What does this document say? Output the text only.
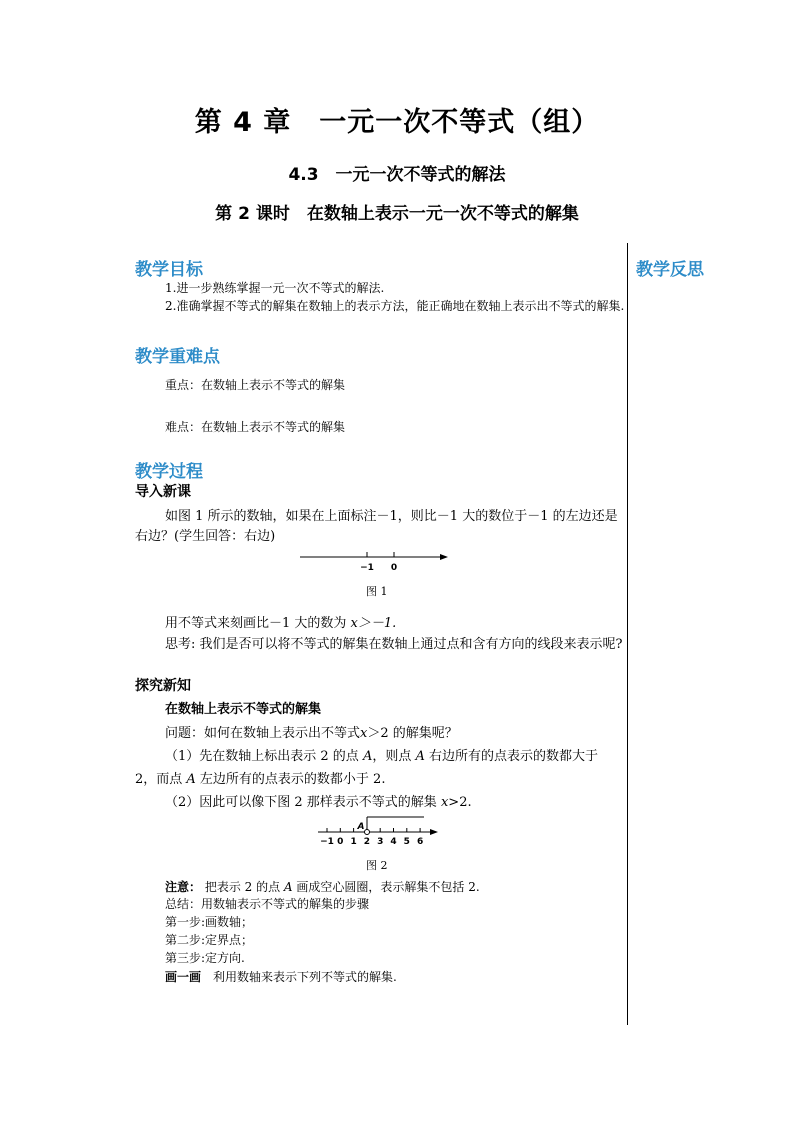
第 4 章　一元一次不等式（组）
4.3　一元一次不等式的解法
第 2 课时　在数轴上表示一元一次不等式的解集
教学反思
教学目标
1.进一步熟练掌握一元一次不等式的解法.
2.准确掌握不等式的解集在数轴上的表示方法，能正确地在数轴上表示出不等式的解集.
教学重难点
重点：在数轴上表示不等式的解集
难点：在数轴上表示不等式的解集
教学过程
导入新课
如图 1 所示的数轴，如果在上面标注－1，则比－1 大的数位于－1 的左边还是右边？(学生回答：右边)
−1 0
图 1
用不等式来刻画比－1 大的数为 x＞－1.
思考: 我们是否可以将不等式的解集在数轴上通过点和含有方向的线段来表示呢?
探究新知
在数轴上表示不等式的解集
问题：如何在数轴上表示出不等式x＞2 的解集呢？
（1）先在数轴上标出表示 2 的点 A，则点 A 右边所有的点表示的数都大于
2，而点 A 左边所有的点表示的数都小于 2.
（2）因此可以像下图 2 那样表示不等式的解集 x>2.
A
−1 0 1 2 3 4 5 6
图 2
注意： 把表示 2 的点 A 画成空心圆圈，表示解集不包括 2.
总结：用数轴表示不等式的解集的步骤
第一步:画数轴；
第二步:定界点；
第三步:定方向.
画一画　利用数轴来表示下列不等式的解集.
